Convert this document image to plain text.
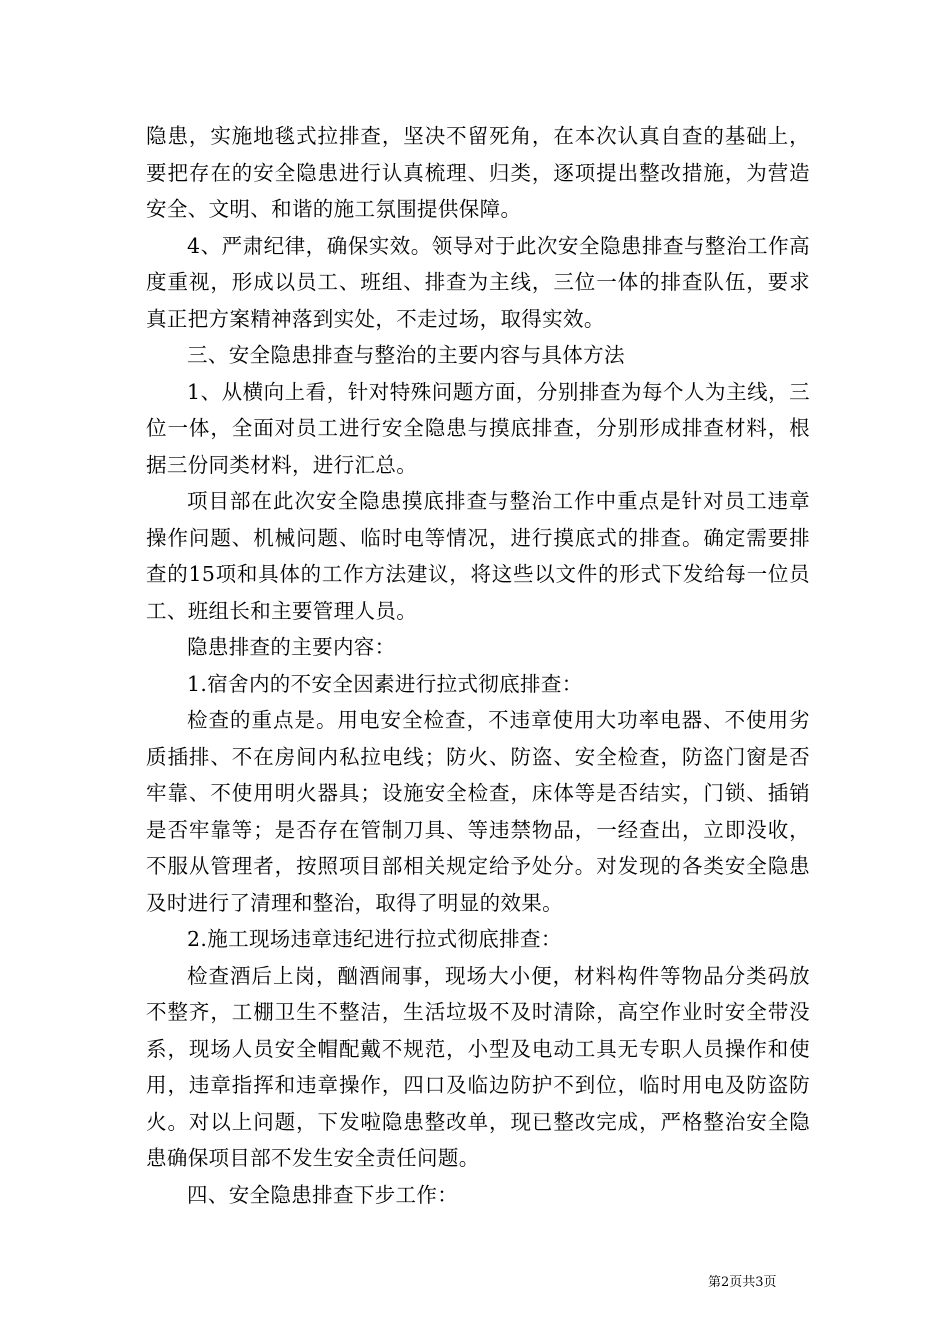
隐患，实施地毯式拉排查，坚决不留死角，在本次认真自查的基础上，要把存在的安全隐患进行认真梳理、归类，逐项提出整改措施，为营造安全、文明、和谐的施工氛围提供保障。

4、严肃纪律，确保实效。领导对于此次安全隐患排查与整治工作高度重视，形成以员工、班组、排查为主线，三位一体的排查队伍，要求真正把方案精神落到实处，不走过场，取得实效。

三、安全隐患排查与整治的主要内容与具体方法

1、从横向上看，针对特殊问题方面，分别排查为每个人为主线，三位一体，全面对员工进行安全隐患与摸底排查，分别形成排查材料，根据三份同类材料，进行汇总。

项目部在此次安全隐患摸底排查与整治工作中重点是针对员工违章操作问题、机械问题、临时电等情况，进行摸底式的排查。确定需要排查的15项和具体的工作方法建议，将这些以文件的形式下发给每一位员工、班组长和主要管理人员。

隐患排查的主要内容：

1.宿舍内的不安全因素进行拉式彻底排查：

检查的重点是。用电安全检查，不违章使用大功率电器、不使用劣质插排、不在房间内私拉电线；防火、防盗、安全检查，防盗门窗是否牢靠、不使用明火器具；设施安全检查，床体等是否结实，门锁、插销是否牢靠等；是否存在管制刀具、等违禁物品，一经查出，立即没收，不服从管理者，按照项目部相关规定给予处分。对发现的各类安全隐患及时进行了清理和整治，取得了明显的效果。

2.施工现场违章违纪进行拉式彻底排查：

检查酒后上岗，酗酒闹事，现场大小便，材料构件等物品分类码放不整齐，工棚卫生不整洁，生活垃圾不及时清除，高空作业时安全带没系，现场人员安全帽配戴不规范，小型及电动工具无专职人员操作和使用，违章指挥和违章操作，四口及临边防护不到位，临时用电及防盗防火。对以上问题，下发啦隐患整改单，现已整改完成，严格整治安全隐患确保项目部不发生安全责任问题。

四、安全隐患排查下步工作：

第2页共3页
